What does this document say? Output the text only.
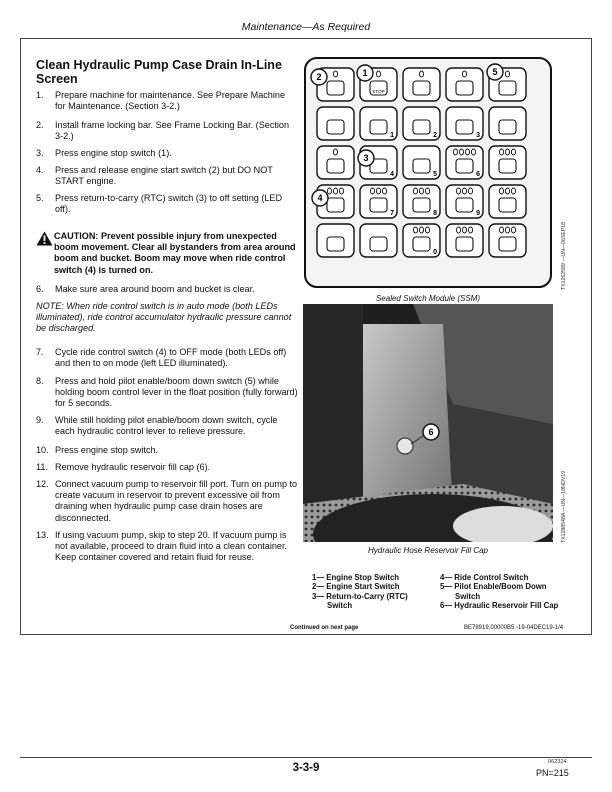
Maintenance—As Required
Clean Hydraulic Pump Case Drain In-Line Screen
1. Prepare machine for maintenance. See Prepare Machine for Maintenance. (Section 3-2.)
2. Install frame locking bar. See Frame Locking Bar. (Section 3-2.)
3. Press engine stop switch (1).
4. Press and release engine start switch (2) but DO NOT START engine.
5. Press return-to-carry (RTC) switch (3) to off setting (LED off).
CAUTION: Prevent possible injury from unexpected boom movement. Clear all bystanders from area around boom and bucket. Boom may move when ride control switch (4) is turned on.
6. Make sure area around boom and bucket is clear.
NOTE: When ride control switch is in auto mode (both LEDs illuminated), ride control accumulator hydraulic pressure cannot be discharged.
7. Cycle ride control switch (4) to OFF mode (both LEDs off) and then to on mode (left LED illuminated).
8. Press and hold pilot enable/boom down switch (5) while holding boom control lever in the float position (fully forward) for 5 seconds.
9. While still holding pilot enable/boom down switch, cycle each hydraulic control lever to relieve pressure.
10. Press engine stop switch.
11. Remove hydraulic reservoir fill cap (6).
12. Connect vacuum pump to reservoir fill port. Turn on pump to create vacuum in reservoir to prevent excessive oil from draining when hydraulic pump case drain hoses are disconnected.
13. If using vacuum pump, skip to step 20. If vacuum pump is not available, proceed to drain fluid into a clean container. Keep container covered and retain fluid for reuse.
STOP
1	2	3
4	5	6
7	8	9
0
1
2
3
4
5
Sealed Switch Module (SSM)
TX1262589 —UN—06SEP18
6
Hydraulic Hose Reservoir Fill Cap
TX1288548A —UN—18NOV19
1— Engine Stop Switch
2— Engine Start Switch
3— Return-to-Carry (RTC)
Switch
4— Ride Control Switch
5— Pilot Enable/Boom Down
Switch
6— Hydraulic Reservoir Fill Cap
Continued on next page	BE78919,00000B5 -19-04DEC19-1/4
3-3-9	062324
PN=215
